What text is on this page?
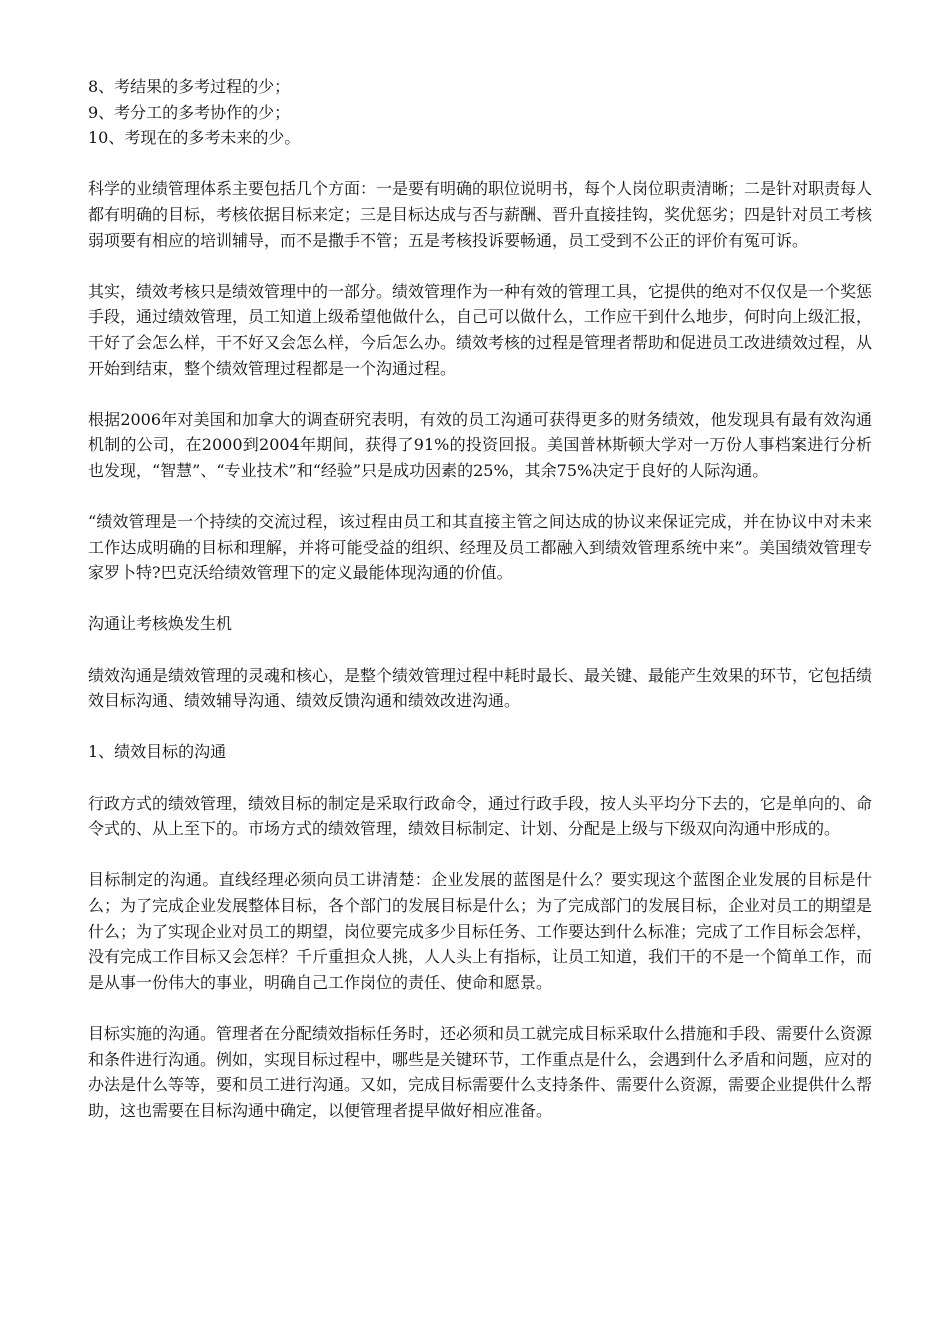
8、考结果的多考过程的少；
9、考分工的多考协作的少；
10、考现在的多考未来的少。

科学的业绩管理体系主要包括几个方面：一是要有明确的职位说明书，每个人岗位职责清晰；二是针对职责每人都有明确的目标，考核依据目标来定；三是目标达成与否与薪酬、晋升直接挂钩，奖优惩劣；四是针对员工考核弱项要有相应的培训辅导，而不是撒手不管；五是考核投诉要畅通，员工受到不公正的评价有冤可诉。

其实，绩效考核只是绩效管理中的一部分。绩效管理作为一种有效的管理工具，它提供的绝对不仅仅是一个奖惩手段，通过绩效管理，员工知道上级希望他做什么，自己可以做什么，工作应干到什么地步，何时向上级汇报，干好了会怎么样，干不好又会怎么样，今后怎么办。绩效考核的过程是管理者帮助和促进员工改进绩效过程，从开始到结束，整个绩效管理过程都是一个沟通过程。

根据2006年对美国和加拿大的调查研究表明，有效的员工沟通可获得更多的财务绩效，他发现具有最有效沟通机制的公司，在2000到2004年期间，获得了91%的投资回报。美国普林斯顿大学对一万份人事档案进行分析也发现，“智慧”、“专业技术”和“经验”只是成功因素的25%，其余75%决定于良好的人际沟通。

“绩效管理是一个持续的交流过程，该过程由员工和其直接主管之间达成的协议来保证完成，并在协议中对未来工作达成明确的目标和理解，并将可能受益的组织、经理及员工都融入到绩效管理系统中来”。美国绩效管理专家罗卜特?巴克沃给绩效管理下的定义最能体现沟通的价值。

沟通让考核焕发生机

绩效沟通是绩效管理的灵魂和核心，是整个绩效管理过程中耗时最长、最关键、最能产生效果的环节，它包括绩效目标沟通、绩效辅导沟通、绩效反馈沟通和绩效改进沟通。

1、绩效目标的沟通

行政方式的绩效管理，绩效目标的制定是采取行政命令，通过行政手段，按人头平均分下去的，它是单向的、命令式的、从上至下的。市场方式的绩效管理，绩效目标制定、计划、分配是上级与下级双向沟通中形成的。

目标制定的沟通。直线经理必须向员工讲清楚：企业发展的蓝图是什么？要实现这个蓝图企业发展的目标是什么；为了完成企业发展整体目标，各个部门的发展目标是什么；为了完成部门的发展目标，企业对员工的期望是什么；为了实现企业对员工的期望，岗位要完成多少目标任务、工作要达到什么标准；完成了工作目标会怎样，没有完成工作目标又会怎样？千斤重担众人挑，人人头上有指标，让员工知道，我们干的不是一个简单工作，而是从事一份伟大的事业，明确自己工作岗位的责任、使命和愿景。

目标实施的沟通。管理者在分配绩效指标任务时，还必须和员工就完成目标采取什么措施和手段、需要什么资源和条件进行沟通。例如，实现目标过程中，哪些是关键环节，工作重点是什么，会遇到什么矛盾和问题，应对的办法是什么等等，要和员工进行沟通。又如，完成目标需要什么支持条件、需要什么资源，需要企业提供什么帮助，这也需要在目标沟通中确定，以便管理者提早做好相应准备。
